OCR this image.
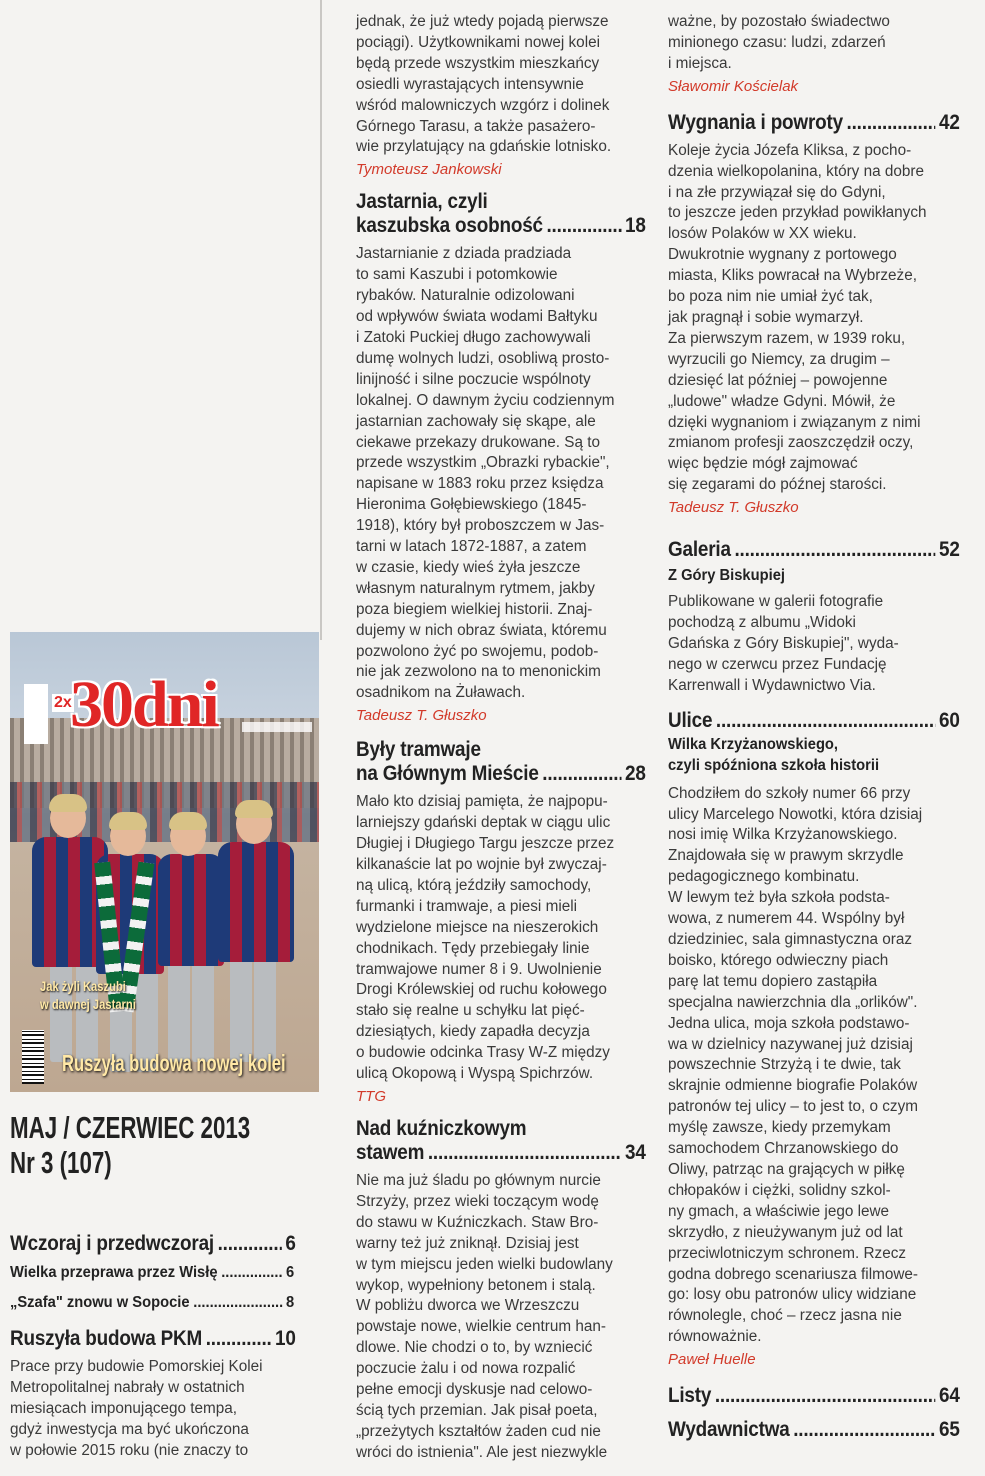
2x
30dni
Jak żyli Kaszubi
w dawnej Jastarni
Ruszyła budowa nowej kolei
MAJ / CZERWIEC 2013
Nr 3 (107)
Wczoraj i przedwczoraj .....	6
Wielka przeprawa przez Wisłę .....	6
„Szafa" znowu w Sopocie .....	8
Ruszyła budowa PKM .....	10

Prace przy budowie Pomorskiej Kolei
Metropolitalnej nabrały w ostatnich
miesiącach imponującego tempa,
gdyż inwestycja ma być ukończona
w połowie 2015 roku (nie znaczy to

jednak, że już wtedy pojadą pierwsze
pociągi). Użytkownikami nowej kolei
będą przede wszystkim mieszkańcy
osiedli wyrastających intensywnie
wśród malowniczych wzgórz i dolinek
Górnego Tarasu, a także pasażero-
wie przylatujący na gdańskie lotnisko.

Tymoteusz Jankowski

Jastarnia, czyli

kaszubska osobność .....	18

Jastarnianie z dziada pradziada
to sami Kaszubi i potomkowie
rybaków. Naturalnie odizolowani
od wpływów świata wodami Bałtyku
i Zatoki Puckiej długo zachowywali
dumę wolnych ludzi, osobliwą prosto-
linijność i silne poczucie wspólnoty
lokalnej. O dawnym życiu codziennym
jastarnian zachowały się skąpe, ale
ciekawe przekazy drukowane. Są to
przede wszystkim „Obrazki rybackie",
napisane w 1883 roku przez księdza
Hieronima Gołębiewskiego (1845-
1918), który był proboszczem w Jas-
tarni w latach 1872-1887, a zatem
w czasie, kiedy wieś żyła jeszcze
własnym naturalnym rytmem, jakby
poza biegiem wielkiej historii. Znaj-
dujemy w nich obraz świata, któremu
pozwolono żyć po swojemu, podob-
nie jak zezwolono na to menonickim
osadnikom na Żuławach.

Tadeusz T. Głuszko

Były tramwaje

na Głównym Mieście .....	28

Mało kto dzisiaj pamięta, że najpopu-
larniejszy gdański deptak w ciągu ulic
Długiej i Długiego Targu jeszcze przez
kilkanaście lat po wojnie był zwyczaj-
ną ulicą, którą jeździły samochody,
furmanki i tramwaje, a piesi mieli
wydzielone miejsce na nieszerokich
chodnikach. Tędy przebiegały linie
tramwajowe numer 8 i 9. Uwolnienie
Drogi Królewskiej od ruchu kołowego
stało się realne u schyłku lat pięć-
dziesiątych, kiedy zapadła decyzja
o budowie odcinka Trasy W-Z między
ulicą Okopową i Wyspą Spichrzów.

TTG

Nad kuźniczkowym

stawem .....	34

Nie ma już śladu po głównym nurcie
Strzyży, przez wieki toczącym wodę
do stawu w Kuźniczkach. Staw Bro-
warny też już zniknął. Dzisiaj jest
w tym miejscu jeden wielki budowlany
wykop, wypełniony betonem i stalą.
W pobliżu dworca we Wrzeszczu
powstaje nowe, wielkie centrum han-
dlowe. Nie chodzi o to, by wzniecić
poczucie żalu i od nowa rozpalić
pełne emocji dyskusje nad celowo-
ścią tych przemian. Jak pisał poeta,
„przeżytych kształtów żaden cud nie
wróci do istnienia". Ale jest niezwykle

ważne, by pozostało świadectwo
minionego czasu: ludzi, zdarzeń
i miejsca.

Sławomir Kościelak

Wygnania i powroty .....	42

Koleje życia Józefa Kliksa, z pocho-
dzenia wielkopolanina, który na dobre
i na złe przywiązał się do Gdyni,
to jeszcze jeden przykład powikłanych
losów Polaków w XX wieku.
Dwukrotnie wygnany z portowego
miasta, Kliks powracał na Wybrzeże,
bo poza nim nie umiał żyć tak,
jak pragnął i sobie wymarzył.
Za pierwszym razem, w 1939 roku,
wyrzucili go Niemcy, za drugim –
dziesięć lat później – powojenne
„ludowe" władze Gdyni. Mówił, że
dzięki wygnaniom i związanym z nimi
zmianom profesji zaoszczędził oczy,
więc będzie mógł zajmować
się zegarami do późnej starości.

Tadeusz T. Głuszko

Galeria .....	52

Z Góry Biskupiej

Publikowane w galerii fotografie
pochodzą z albumu „Widoki
Gdańska z Góry Biskupiej", wyda-
nego w czerwcu przez Fundację
Karrenwall i Wydawnictwo Via.

Ulice .....	60

Wilka Krzyżanowskiego,

czyli spóźniona szkoła historii

Chodziłem do szkoły numer 66 przy
ulicy Marcelego Nowotki, która dzisiaj
nosi imię Wilka Krzyżanowskiego.
Znajdowała się w prawym skrzydle
pedagogicznego kombinatu.
W lewym też była szkoła podsta-
wowa, z numerem 44. Wspólny był
dziedziniec, sala gimnastyczna oraz
boisko, którego odwieczny piach
parę lat temu dopiero zastąpiła
specjalna nawierzchnia dla „orlików".
Jedna ulica, moja szkoła podstawo-
wa w dzielnicy nazywanej już dzisiaj
powszechnie Strzyżą i te dwie, tak
skrajnie odmienne biografie Polaków
patronów tej ulicy – to jest to, o czym
myślę zawsze, kiedy przemykam
samochodem Chrzanowskiego do
Oliwy, patrząc na grających w piłkę
chłopaków i ciężki, solidny szkol-
ny gmach, a właściwie jego lewe
skrzydło, z nieużywanym już od lat
przeciwlotniczym schronem. Rzecz
godna dobrego scenariusza filmowe-
go: losy obu patronów ulicy widziane
równolegle, choć – rzecz jasna nie
równoważnie.

Paweł Huelle

Listy .....	64
Wydawnictwa .....	65
